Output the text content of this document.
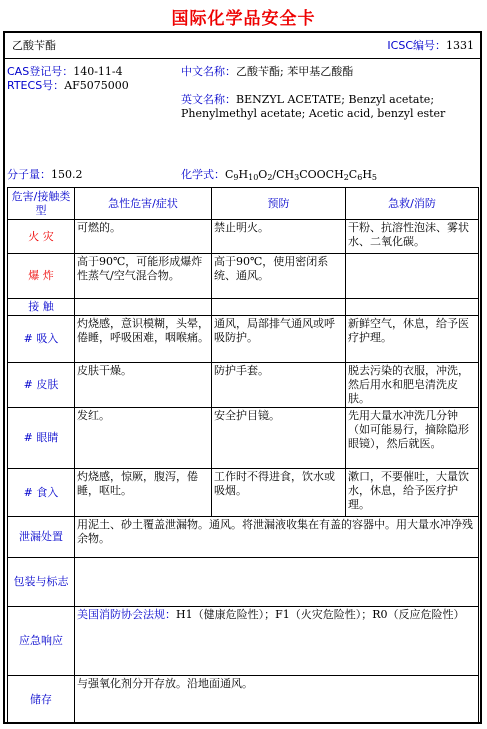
国际化学品安全卡
乙酸苄酯	ICSC编号：1331
CAS登记号：140-11-4
RTECS号：AF5075000
中文名称：乙酸苄酯; 苯甲基乙酸酯
英文名称：BENZYL ACETATE; Benzyl acetate; Phenylmethyl acetate; Acetic acid, benzyl ester
分子量：150.2	化学式：$C_9H_{10}O_2/CH_3COOCH_2C_6H_5$
危害/接触类型	急性危害/症状	预防	急救/消防
火 灾	可燃的。	禁止明火。	干粉、抗溶性泡沫、雾状水、二氧化碳。
爆 炸	高于90℃，可能形成爆炸性蒸气/空气混合物。	高于90℃，使用密闭系统、通风。	
接 触			
# 吸入	灼烧感，意识模糊，头晕，倦睡，呼吸困难，咽喉痛。	通风，局部排气通风或呼吸防护。	新鲜空气，休息，给予医疗护理。
# 皮肤	皮肤干燥。	防护手套。	脱去污染的衣服，冲洗，然后用水和肥皂清洗皮肤。
# 眼睛	发红。	安全护目镜。	先用大量水冲洗几分钟（如可能易行，摘除隐形眼镜），然后就医。
# 食入	灼烧感，惊厥，腹泻，倦睡，呕吐。	工作时不得进食，饮水或吸烟。	漱口，不要催吐，大量饮水，休息，给予医疗护理。
泄漏处置	用泥土、砂土覆盖泄漏物。通风。将泄漏液收集在有盖的容器中。用大量水冲净残余物。		
包装与标志			
应急响应	美国消防协会法规：H1（健康危险性）；F1（火灾危险性）；R0（反应危险性）		
储存	与强氧化剂分开存放。沿地面通风。		
